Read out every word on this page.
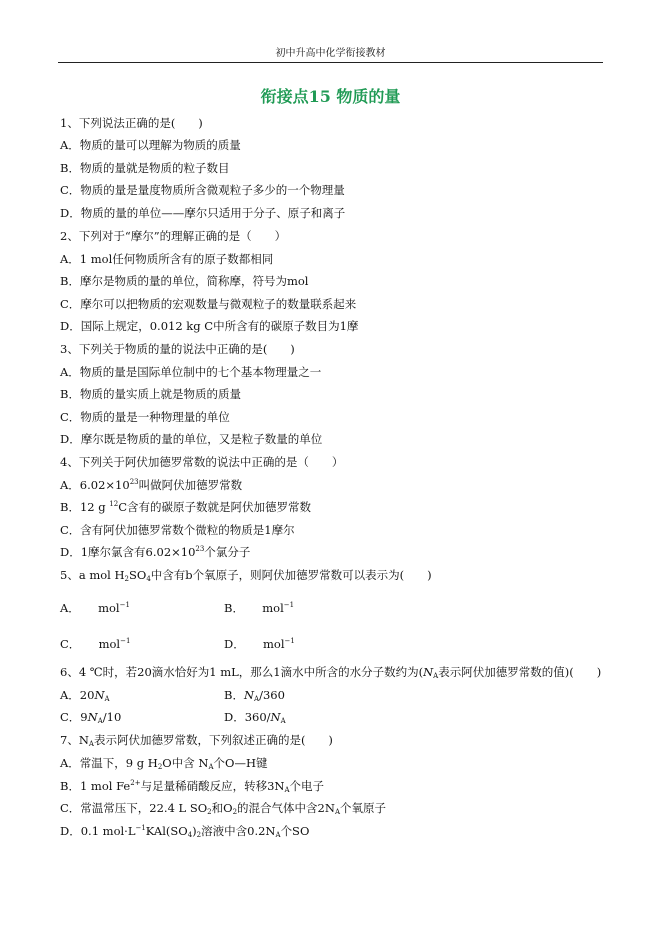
初中升高中化学衔接教材
衔接点15 物质的量
1、下列说法正确的是(　　)
A．物质的量可以理解为物质的质量
B．物质的量就是物质的粒子数目
C．物质的量是量度物质所含微观粒子多少的一个物理量
D．物质的量的单位——摩尔只适用于分子、原子和离子
2、下列对于“摩尔”的理解正确的是（　　）
A．1 mol任何物质所含有的原子数都相同
B．摩尔是物质的量的单位，简称摩，符号为mol
C．摩尔可以把物质的宏观数量与微观粒子的数量联系起来
D．国际上规定，0.012 kg C中所含有的碳原子数目为1摩
3、下列关于物质的量的说法中正确的是(　　)
A．物质的量是国际单位制中的七个基本物理量之一
B．物质的量实质上就是物质的质量
C．物质的量是一种物理量的单位
D．摩尔既是物质的量的单位，又是粒子数量的单位
4、下列关于阿伏加德罗常数的说法中正确的是（　　）
A．$6.02\times 10^{23}$叫做阿伏加德罗常数
B．12 g $^{12}$C含有的碳原子数就是阿伏加德罗常数
C．含有阿伏加德罗常数个微粒的物质是1摩尔
D．1摩尔氯含有$6.02\times 10^{23}$个氯分子
5、a mol $H_2SO_4$中含有b个氧原子，则阿伏加德罗常数可以表示为(　　)
A． mol$^{-1}$	B． mol$^{-1}$
C． mol$^{-1}$	D． mol$^{-1}$
6、4 ℃时，若20滴水恰好为1 mL，那么1滴水中所含的水分子数约为($N_A$表示阿伏加德罗常数的值)(　　)
A．$20N_A$	B．$N_A/360$
C．$9N_A/10$	D．$360/N_A$
7、$N_A$表示阿伏加德罗常数，下列叙述正确的是(　　)
A．常温下，9 g $H_2O$中含 $N_A$个O—H键
B．1 mol $Fe^{2+}$与足量稀硝酸反应，转移$3N_A$个电子
C．常温常压下，22.4 L $SO_2$和$O_2$的混合气体中含$2N_A$个氧原子
D．0.1 $mol\cdot L^{-1}KAl(SO_4)_2$溶液中含$0.2N_A$个SO
